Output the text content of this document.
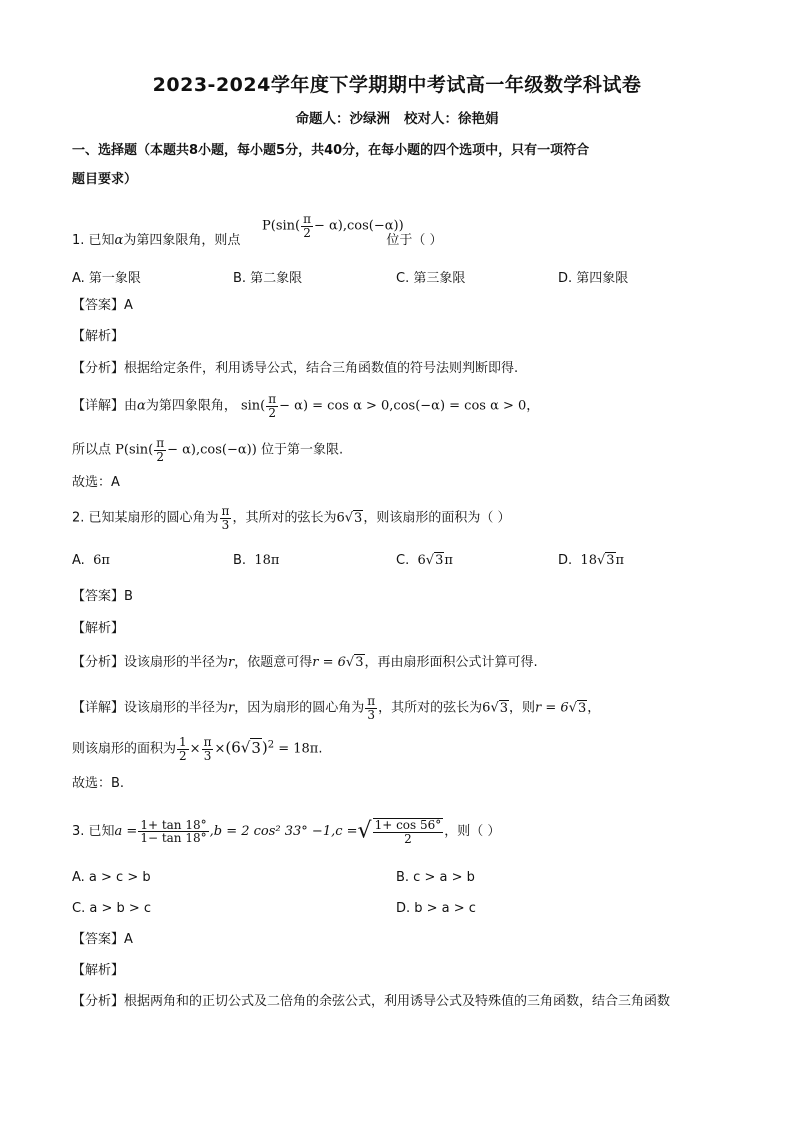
2023-2024学年度下学期期中考试高一年级数学科试卷
命题人：沙绿洲 校对人：徐艳娟
一、选择题（本题共8小题，每小题5分，共40分，在每小题的四个选项中，只有一项符合
题目要求）
$P(\sin( \frac{\pi}{2} - \alpha),\cos(-\alpha))$
1. 已知α为第四象限角，则点	位于（ ）
A. 第一象限	B. 第二象限	C. 第三象限	D. 第四象限
【答案】A
【解析】
【分析】根据给定条件，利用诱导公式，结合三角函数值的符号法则判断即得.
【详解】由α为第四象限角， $\sin( \frac{\pi}{2} - \alpha) = \cos \alpha > 0,\cos(-\alpha) = \cos \alpha > 0$，
所以点 $P(\sin( \frac{\pi}{2} - \alpha),\cos(-\alpha))$ 位于第一象限.
故选：A
2. 已知某扇形的圆心角为 $\frac{\pi}{3}$ ，其所对的弦长为6√3，则该扇形的面积为（ ）
A. 6π	B. 18π	C. 6√3π	D. 18√3π
【答案】B
【解析】
【分析】设该扇形的半径为r，依题意可得r = 6√3，再由扇形面积公式计算可得.
【详解】设该扇形的半径为r，因为扇形的圆心角为 $\frac{\pi}{3}$ ，其所对的弦长为6√3，则r = 6√3，
则该扇形的面积为 $\frac{1}{2} \times \frac{\pi}{3} \times(6√3)^2 = 18\pi$.
故选：B.
3. 已知$a = \frac{1+ \tan 18^\circ}{1- \tan 18^\circ} ,b = 2$ cos² 33° −1,c =√ $\frac{1+ \cos 56^\circ}{2}$ ，则（ ）
A. a > c > b	B. c > a > b
C. a > b > c	D. b > a > c
【答案】A
【解析】
【分析】根据两角和的正切公式及二倍角的余弦公式，利用诱导公式及特殊值的三角函数，结合三角函数
